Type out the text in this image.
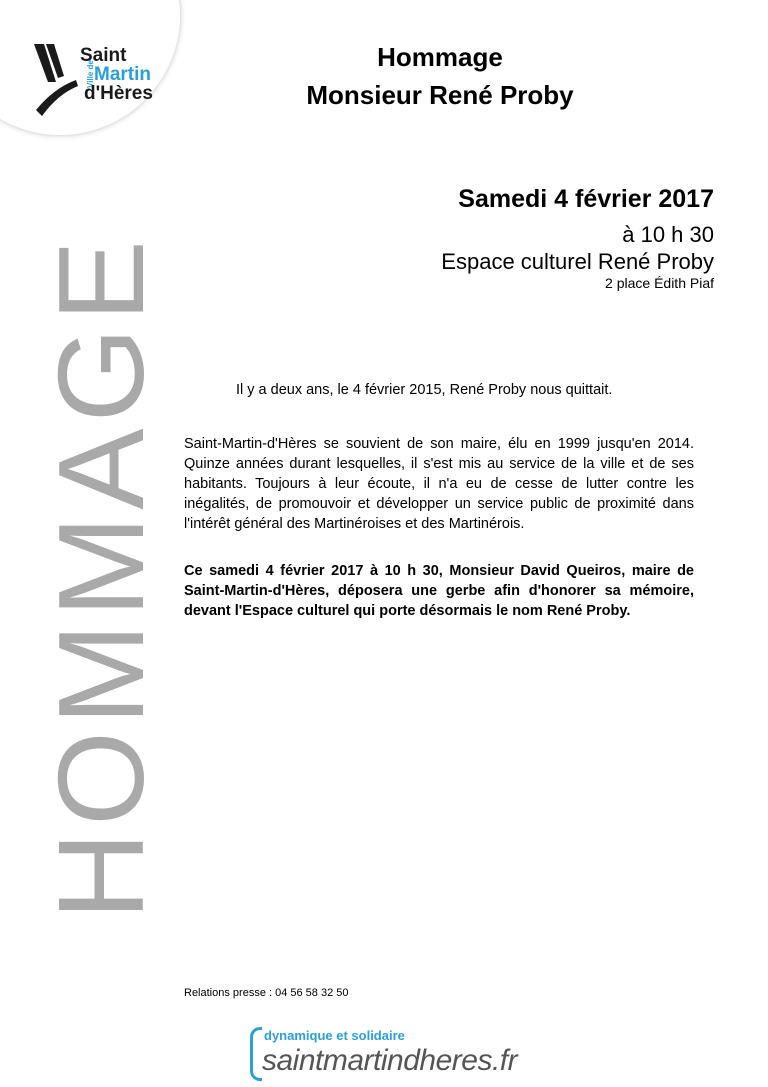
Ville de
Saint
Martin
d'Hères
Hommage
Monsieur René Proby
HOMMAGE
Samedi 4 février 2017
à 10 h 30
Espace culturel René Proby
2 place Édith Piaf
Il y a deux ans, le 4 février 2015, René Proby nous quittait.
Saint-Martin-d'Hères se souvient de son maire, élu en 1999 jusqu'en 2014. Quinze années durant lesquelles, il s'est mis au service de la ville et de ses habitants. Toujours à leur écoute, il n'a eu de cesse de lutter contre les inégalités, de promouvoir et développer un service public de proximité dans l'intérêt général des Martinéroises et des Martinérois.
Ce samedi 4 février 2017 à 10 h 30, Monsieur David Queiros, maire de Saint-Martin-d'Hères, déposera une gerbe afin d'honorer sa mémoire, devant l'Espace culturel qui porte désormais le nom René Proby.
Relations presse : 04 56 58 32 50
dynamique et solidaire
saintmartindheres.fr
